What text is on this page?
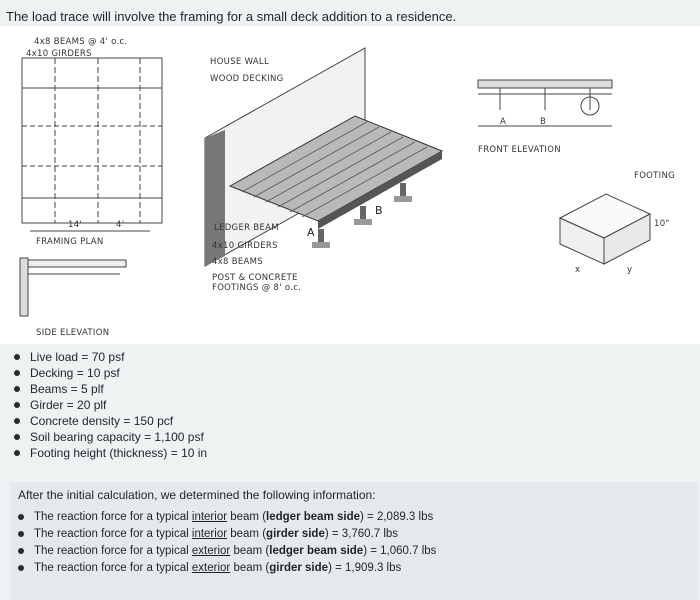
The load trace will involve the framing for a small deck addition to a residence.
4x8 BEAMS @ 4' o.c.
4x10 GIRDERS
14'	4'
FRAMING PLAN
SIDE ELEVATION
HOUSE WALL
WOOD DECKING
LEDGER BEAM
4x10 GIRDERS
4x8 BEAMS
POST & CONCRETE
FOOTINGS @ 8' o.c.
A
B
A	B
FRONT ELEVATION
FOOTING
10"
x	y
Live load = 70 psf
Decking = 10 psf
Beams = 5 plf
Girder = 20 plf
Concrete density = 150 pcf
Soil bearing capacity = 1,100 psf
Footing height (thickness) = 10 in
After the initial calculation, we determined the following information:
The reaction force for a typical interior beam (ledger beam side) = 2,089.3 lbs
The reaction force for a typical interior beam (girder side) = 3,760.7 lbs
The reaction force for a typical exterior beam (ledger beam side) = 1,060.7 lbs
The reaction force for a typical exterior beam (girder side) = 1,909.3 lbs
